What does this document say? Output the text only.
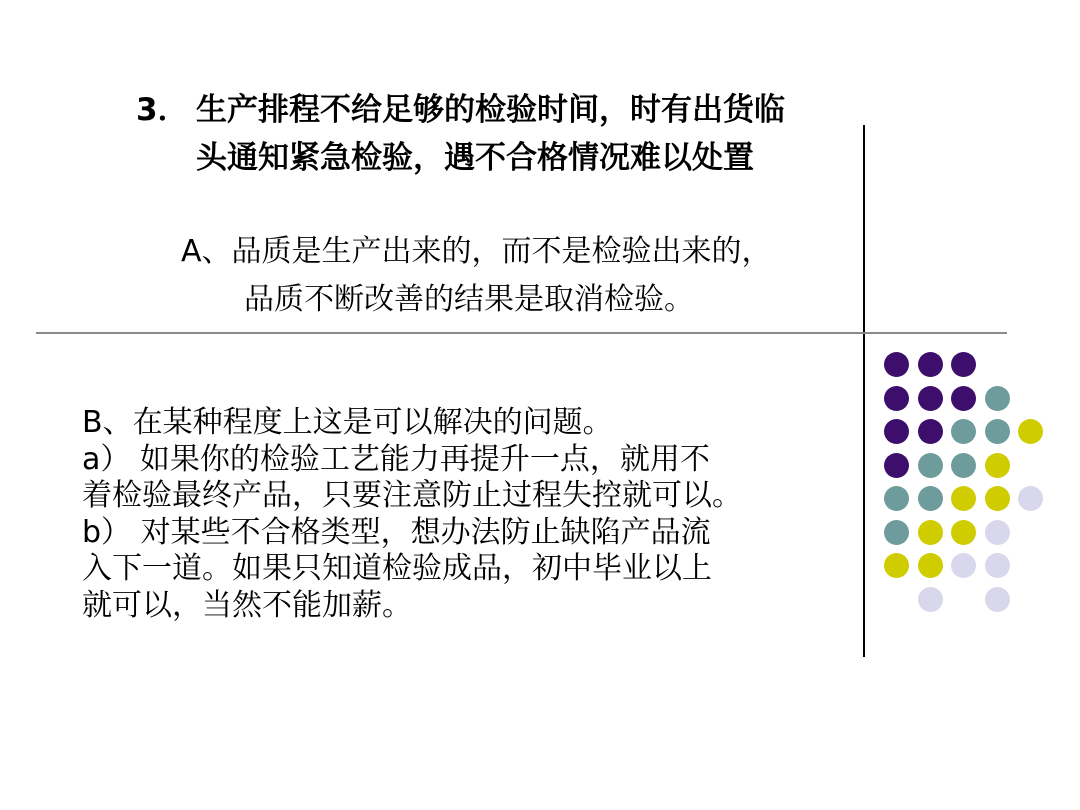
3． 生产排程不给足够的检验时间，时有出货临
头通知紧急检验，遇不合格情况难以处置
A、品质是生产出来的，而不是检验出来的，
品质不断改善的结果是取消检验。
B、在某种程度上这是可以解决的问题。
a） 如果你的检验工艺能力再提升一点，就用不
着检验最终产品，只要注意防止过程失控就可以。
b） 对某些不合格类型，想办法防止缺陷产品流
入下一道。如果只知道检验成品，初中毕业以上
就可以，当然不能加薪。
